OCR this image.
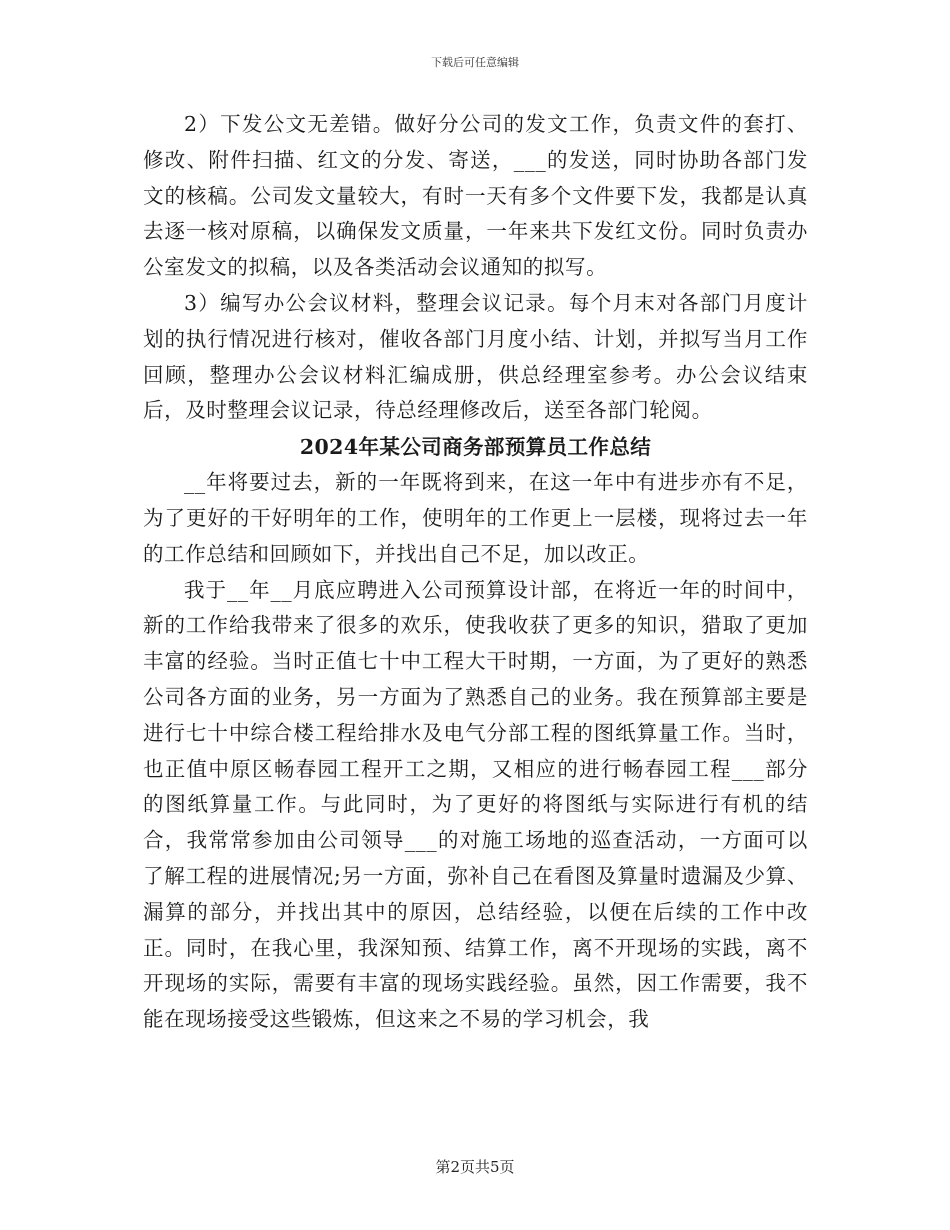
下载后可任意编辑

2）下发公文无差错。做好分公司的发文工作，负责文件的套打、修改、附件扫描、红文的分发、寄送，___的发送，同时协助各部门发文的核稿。公司发文量较大，有时一天有多个文件要下发，我都是认真去逐一核对原稿，以确保发文质量，一年来共下发红文份。同时负责办公室发文的拟稿，以及各类活动会议通知的拟写。

3）编写办公会议材料，整理会议记录。每个月末对各部门月度计划的执行情况进行核对，催收各部门月度小结、计划，并拟写当月工作回顾，整理办公会议材料汇编成册，供总经理室参考。办公会议结束后，及时整理会议记录，待总经理修改后，送至各部门轮阅。

2024年某公司商务部预算员工作总结

__年将要过去，新的一年既将到来，在这一年中有进步亦有不足，为了更好的干好明年的工作，使明年的工作更上一层楼，现将过去一年的工作总结和回顾如下，并找出自己不足，加以改正。

我于__年__月底应聘进入公司预算设计部，在将近一年的时间中，新的工作给我带来了很多的欢乐，使我收获了更多的知识，猎取了更加丰富的经验。当时正值七十中工程大干时期，一方面，为了更好的熟悉公司各方面的业务，另一方面为了熟悉自己的业务。我在预算部主要是进行七十中综合楼工程给排水及电气分部工程的图纸算量工作。当时，也正值中原区畅春园工程开工之期，又相应的进行畅春园工程___部分的图纸算量工作。与此同时，为了更好的将图纸与实际进行有机的结合，我常常参加由公司领导___的对施工场地的巡查活动，一方面可以了解工程的进展情况;另一方面，弥补自己在看图及算量时遗漏及少算、漏算的部分，并找出其中的原因，总结经验，以便在后续的工作中改正。同时，在我心里，我深知预、结算工作，离不开现场的实践，离不开现场的实际，需要有丰富的现场实践经验。虽然，因工作需要，我不能在现场接受这些锻炼，但这来之不易的学习机会，我

第2页共5页
